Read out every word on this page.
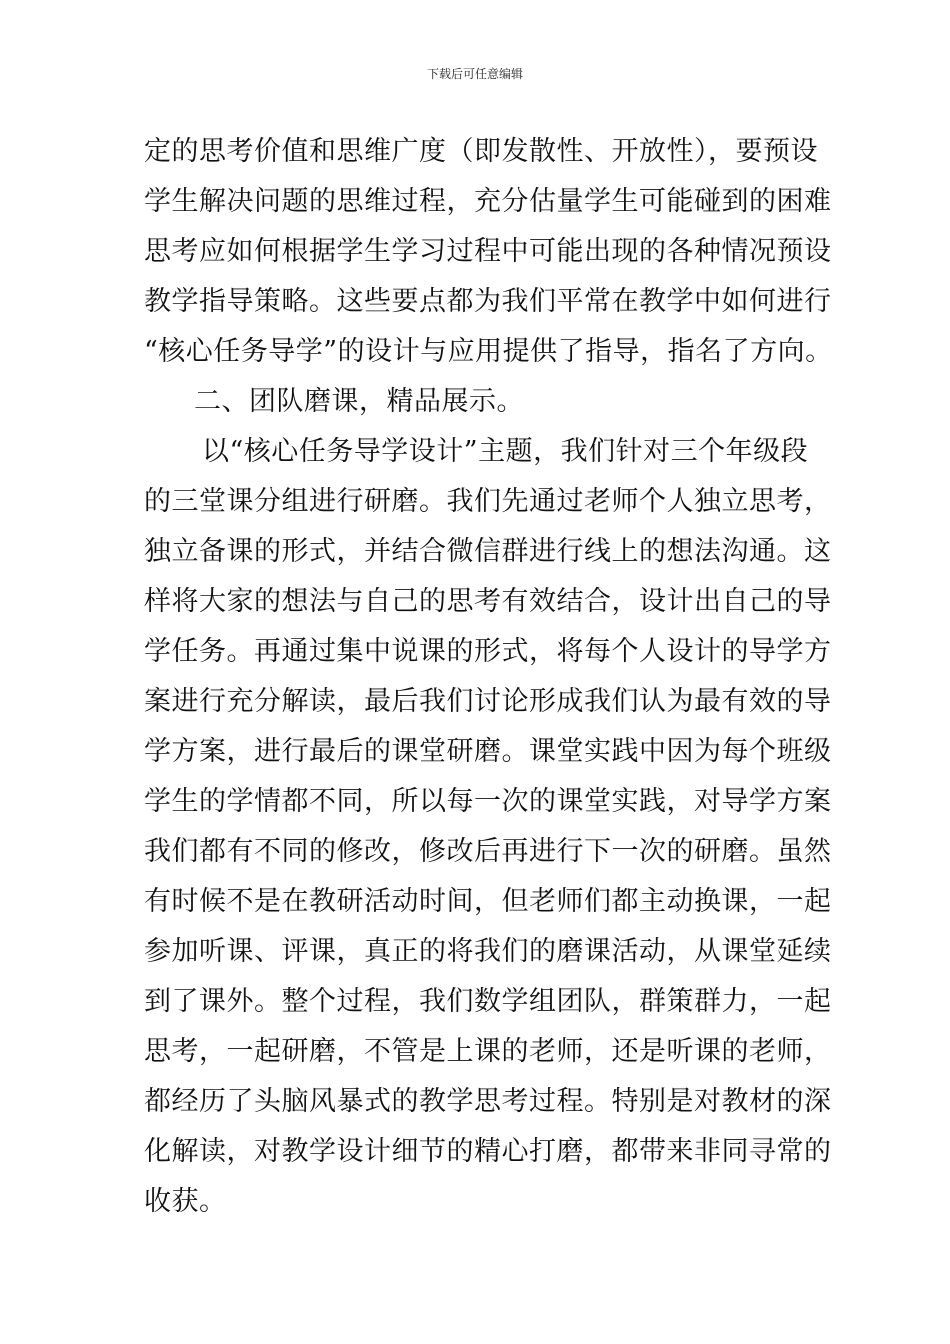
下载后可任意编辑
定的思考价值和思维广度（即发散性、开放性），要预设
学生解决问题的思维过程，充分估量学生可能碰到的困难
思考应如何根据学生学习过程中可能出现的各种情况预设
教学指导策略。这些要点都为我们平常在教学中如何进行
“核心任务导学”的设计与应用提供了指导，指名了方向。
二、团队磨课，精品展示。
以“核心任务导学设计”主题，我们针对三个年级段
的三堂课分组进行研磨。我们先通过老师个人独立思考，
独立备课的形式，并结合微信群进行线上的想法沟通。这
样将大家的想法与自己的思考有效结合，设计出自己的导
学任务。再通过集中说课的形式，将每个人设计的导学方
案进行充分解读，最后我们讨论形成我们认为最有效的导
学方案，进行最后的课堂研磨。课堂实践中因为每个班级
学生的学情都不同，所以每一次的课堂实践，对导学方案
我们都有不同的修改，修改后再进行下一次的研磨。虽然
有时候不是在教研活动时间，但老师们都主动换课，一起
参加听课、评课，真正的将我们的磨课活动，从课堂延续
到了课外。整个过程，我们数学组团队，群策群力，一起
思考，一起研磨，不管是上课的老师，还是听课的老师，
都经历了头脑风暴式的教学思考过程。特别是对教材的深
化解读，对教学设计细节的精心打磨，都带来非同寻常的
收获。
